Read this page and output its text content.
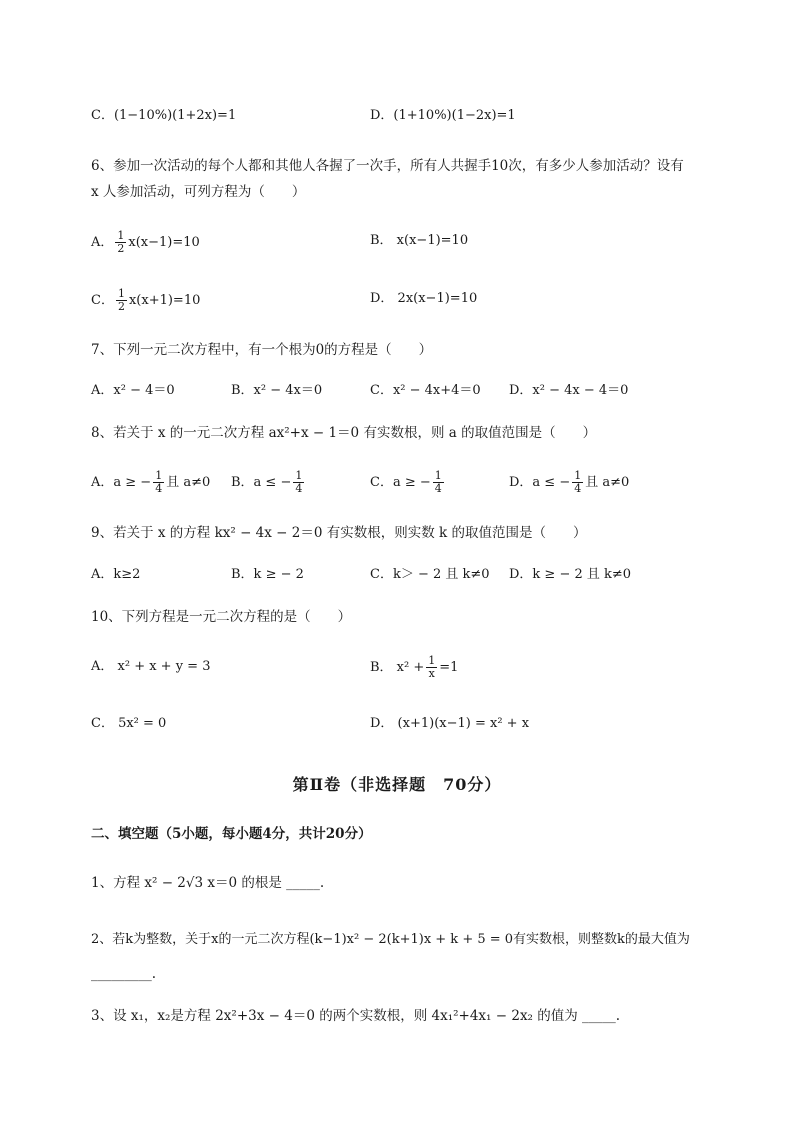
C．(1−10%)(1+2x)=1	D．(1+10%)(1−2x)=1
6、参加一次活动的每个人都和其他人各握了一次手，所有人共握手10次，有多少人参加活动？设有
x 人参加活动，可列方程为（　　）
A． $\frac{1}{2} x(x-1)=10$	B． x(x−1)=10
C． $\frac{1}{2} x(x+1)=10$	D． 2x(x−1)=10
7、下列一元二次方程中，有一个根为0的方程是（　　）
A．x² − 4＝0	B．x² − 4x＝0	C．x² − 4x+4＝0 D．x² − 4x − 4＝0
8、若关于 x 的一元二次方程 ax²+x − 1＝0 有实数根，则 a 的取值范围是（　　）
A．a ≥ − $\frac{1}{4}$ 且 a≠0 B．a ≤ − $\frac{1}{4}$	C．a ≥ − $\frac{1}{4}$	D．a ≤ − $\frac{1}{4}$ 且 a≠0
9、若关于 x 的方程 kx² − 4x − 2＝0 有实数根，则实数 k 的取值范围是（　　）
A．k≥2	B．k ≥ − 2	C．k＞ − 2 且 k≠0 D．k ≥ − 2 且 k≠0
10、下列方程是一元二次方程的是（　　）
A． x² + x + y = 3	B． $x^2 + \frac{1}{x} =1$
C． 5x² = 0	D． (x+1)(x−1) = x² + x
第Ⅱ卷（非选择题　70分）
二、填空题（5小题，每小题4分，共计20分）
1、方程 x² − 2√3 x＝0 的根是 _____.
2、若k为整数，关于x的一元二次方程(k−1)x² − 2(k+1)x + k + 5 = 0有实数根，则整数k的最大值为
_________.
3、设 x₁，x₂是方程 2x²+3x − 4＝0 的两个实数根，则 4x₁²+4x₁ − 2x₂ 的值为 _____.
